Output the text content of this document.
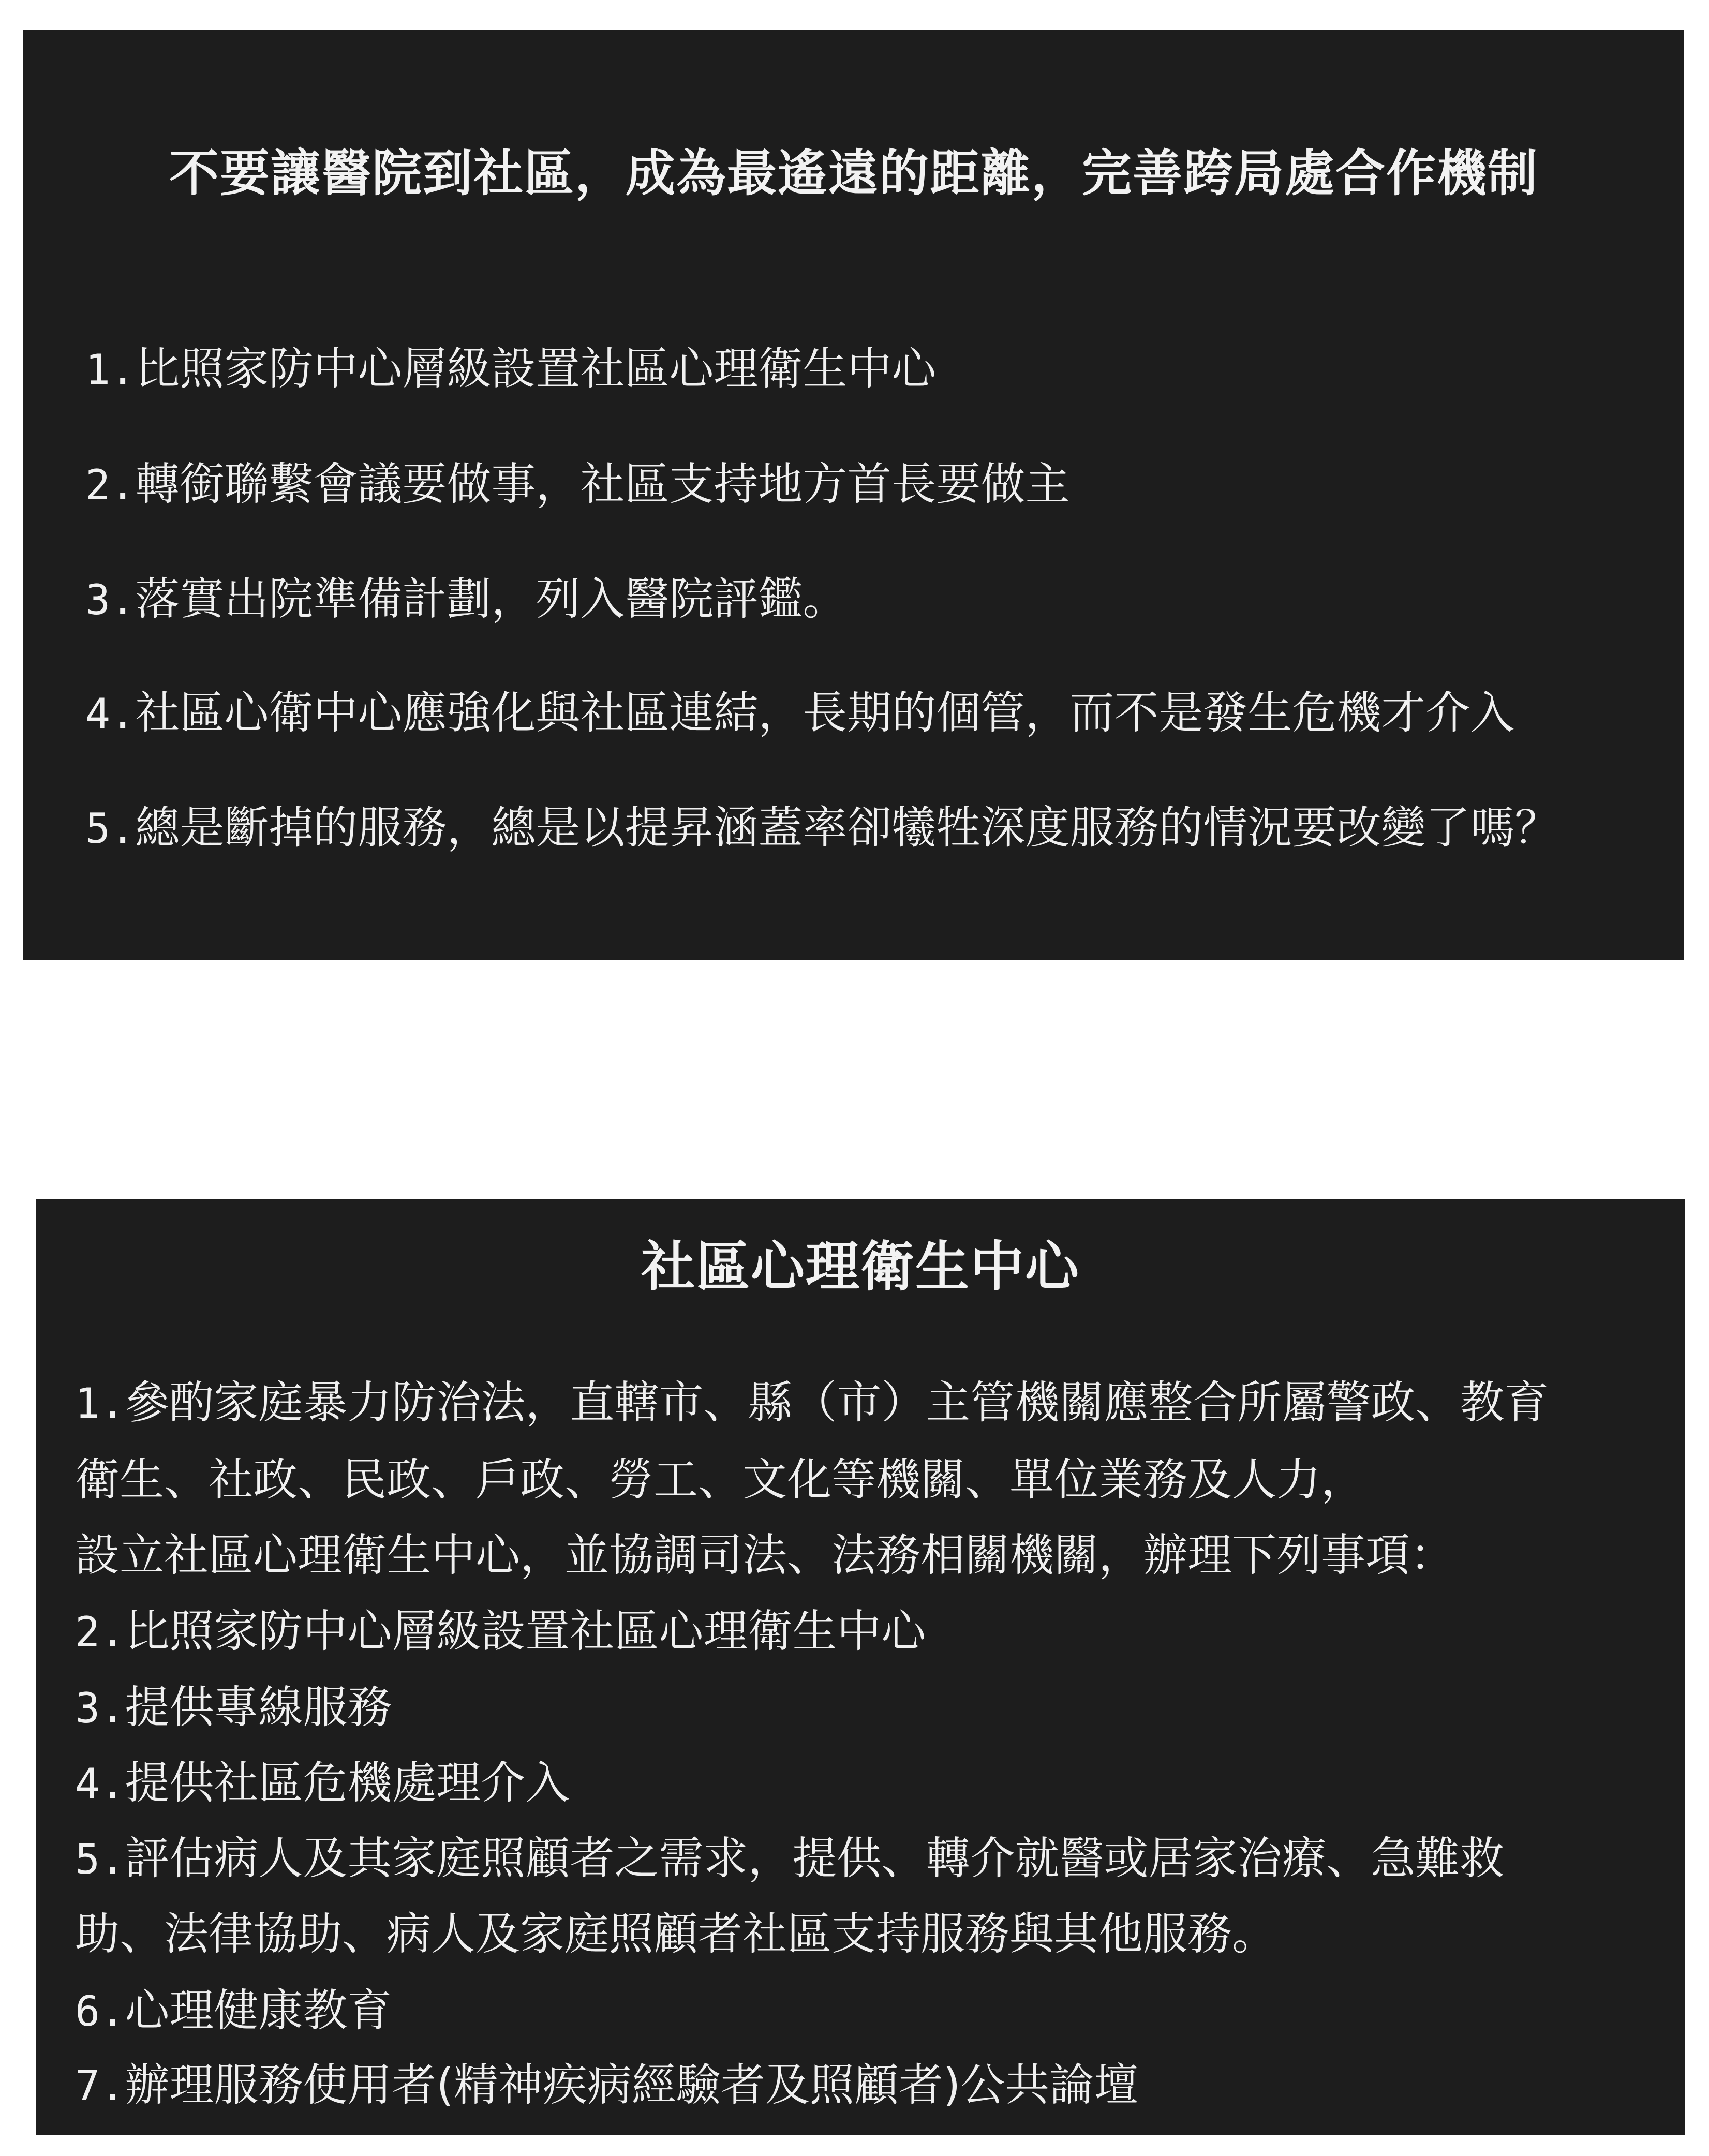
不要讓醫院到社區，成為最遙遠的距離，完善跨局處合作機制
1.比照家防中心層級設置社區心理衛生中心
2.轉銜聯繫會議要做事，社區支持地方首長要做主
3.落實出院準備計劃，列入醫院評鑑。
4.社區心衛中心應強化與社區連結，長期的個管，而不是發生危機才介入
5.總是斷掉的服務，總是以提昇涵蓋率卻犧牲深度服務的情況要改變了嗎？
社區心理衛生中心
1.參酌家庭暴力防治法，直轄市、縣（市）主管機關應整合所屬警政、教育
衛生、社政、民政、戶政、勞工、文化等機關、單位業務及人力，
設立社區心理衛生中心，並協調司法、法務相關機關，辦理下列事項：
2.比照家防中心層級設置社區心理衛生中心
3.提供專線服務
4.提供社區危機處理介入
5.評估病人及其家庭照顧者之需求，提供、轉介就醫或居家治療、急難救
助、法律協助、病人及家庭照顧者社區支持服務與其他服務。
6.心理健康教育
7.辦理服務使用者(精神疾病經驗者及照顧者)公共論壇
